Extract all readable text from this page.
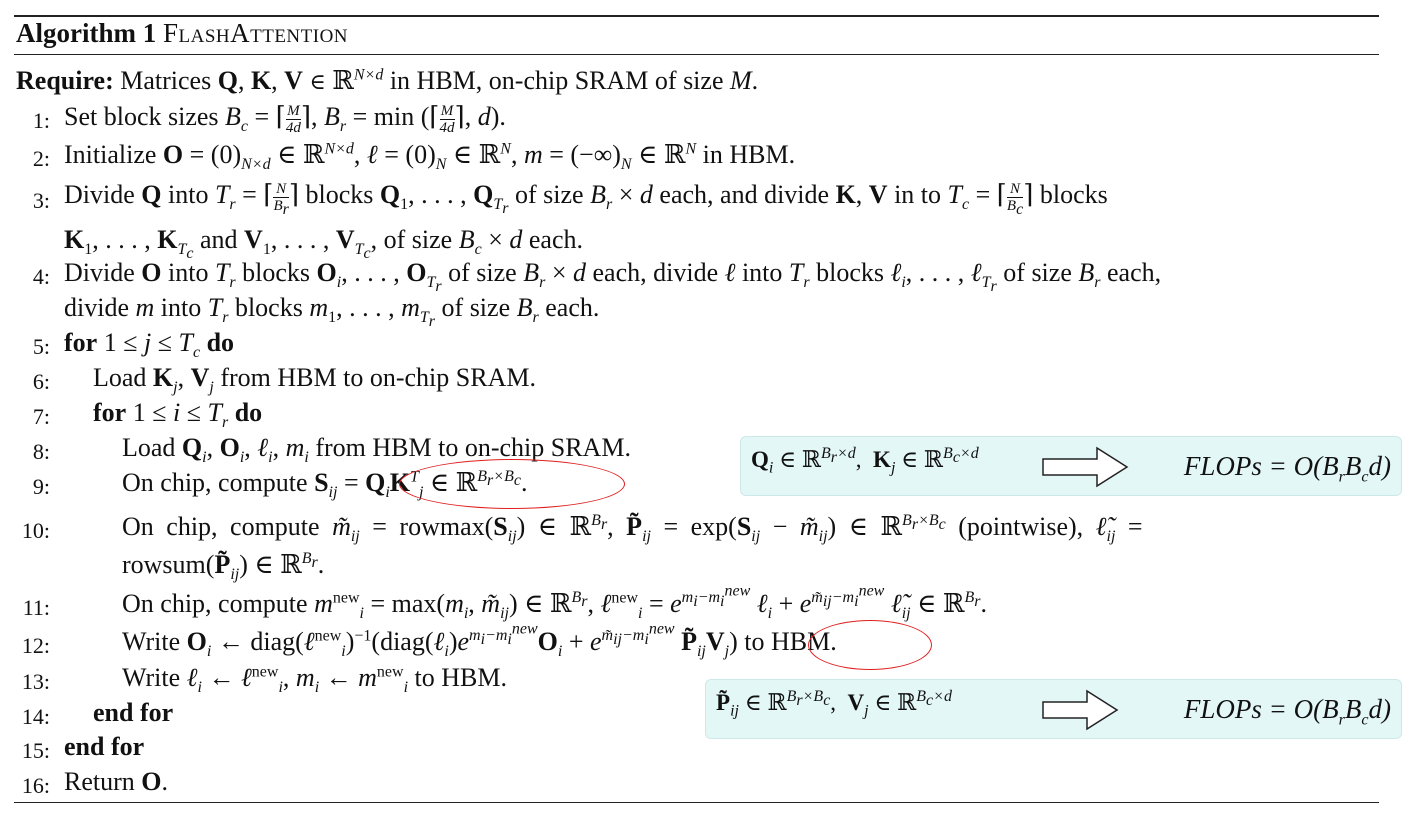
Algorithm 1 FlashAttention
Require: Matrices Q, K, V ∈ ℝ$^{N\times d}$ in HBM, on-chip SRAM of size M.
1: Set block sizes $B_c$ = ⌈ $\frac{M}{4d}$ ⌉, $B_r = \min$ (⌈ $\frac{M}{4d}$ ⌉, d).
2: Initialize $O = (0)_{N\times d}$ ∈ ℝ$^{N\times d}$, ℓ = $(0)_N$ ∈ ℝ$^N$, $m = (-\infty)_N$ ∈ ℝ$^N$ in HBM.
3: Divide Q into $T_r$ = ⌈ $\frac{N}{B_r}$ ⌉ blocks $Q_1$, . . . , $Q_{T_r}$ of size $B_r \times d$ each, and divide K, V in to $T_c$ = ⌈ $\frac{N}{B_c}$ ⌉ blocks
$K_1$, . . . , $K_{T_c}$ and $V_1$, . . . , $V_{T_c}$, of size $B_c \times d$ each.
4: Divide O into $T_r$ blocks $O_i$, . . . , $O_{T_r}$ of size $B_r \times d$ each, divide ℓ into $T_r$ blocks ℓ$_i$, . . . , ℓ$_{T_r}$ of size $B_r$ each,
divide m into $T_r$ blocks $m_1$, . . . , $m_{T_r}$ of size $B_r$ each.
5: for $1 \le j \le T_c$ do
6: Load $K_j$, $V_j$ from HBM to on-chip SRAM.
7: for $1 \le i \le T_r$ do
8:	Load $Q_i$, $O_i$, ℓ$_i$, $m_i$ from HBM to on-chip SRAM.
9:	On chip, compute $S_{ij} = Q_iK^T_j$ ∈ ℝ$^{B_r\times B_c}$.
10:	On chip, compute $m̃_{ij} = rowmax(S_{ij})$ ∈ ℝ$^{B_r}$, $P̃_{ij} = \exp(S_{ij}$ − $m̃_{ij}$) ∈ ℝ$^{B_r\times B_c}$ (pointwise), $\ell̃_{ij}$ =
$rowsum(P̃_{ij})$ ∈ ℝ$^{B_r}$.
11:	On chip, compute $m^{new}_i = \max(m_i$, $m̃_{ij}$) ∈ ℝ$^{B_r}$, ℓ$^{new}_i$ = $e^{m_i-m_i^{new}}$ ℓ$_i$ + $e^{m̃_{ij}-m_i^{new}}$ $\ell̃_{ij}$ ∈ ℝ$^{B_r}$.
12:	Write $O_i$ ← $diag(\ell^{new}_i)^{-1}(diag(\ell_i)e^{m_i-m_i^{new}}O_i + e^{m̃_{ij}-m_i^{new}}$ $P̃_{ij}V_j$) to HBM.
13:	Write ℓ$_i$ ← ℓ$^{new}_i$, $m_i$ ← $m^{new}_i$ to HBM.
14: end for
15: end for
16: Return O.
$Q_i$ ∈ ℝ$^{B_r\times d}$,  $K_j$ ∈ ℝ$^{B_c\times d}$	FLOPs = $O(B_rB_cd)$
$P̃_{ij}$ ∈ ℝ$^{B_r\times B_c}$,  $V_j$ ∈ ℝ$^{B_c\times d}$	FLOPs = $O(B_rB_cd)$
